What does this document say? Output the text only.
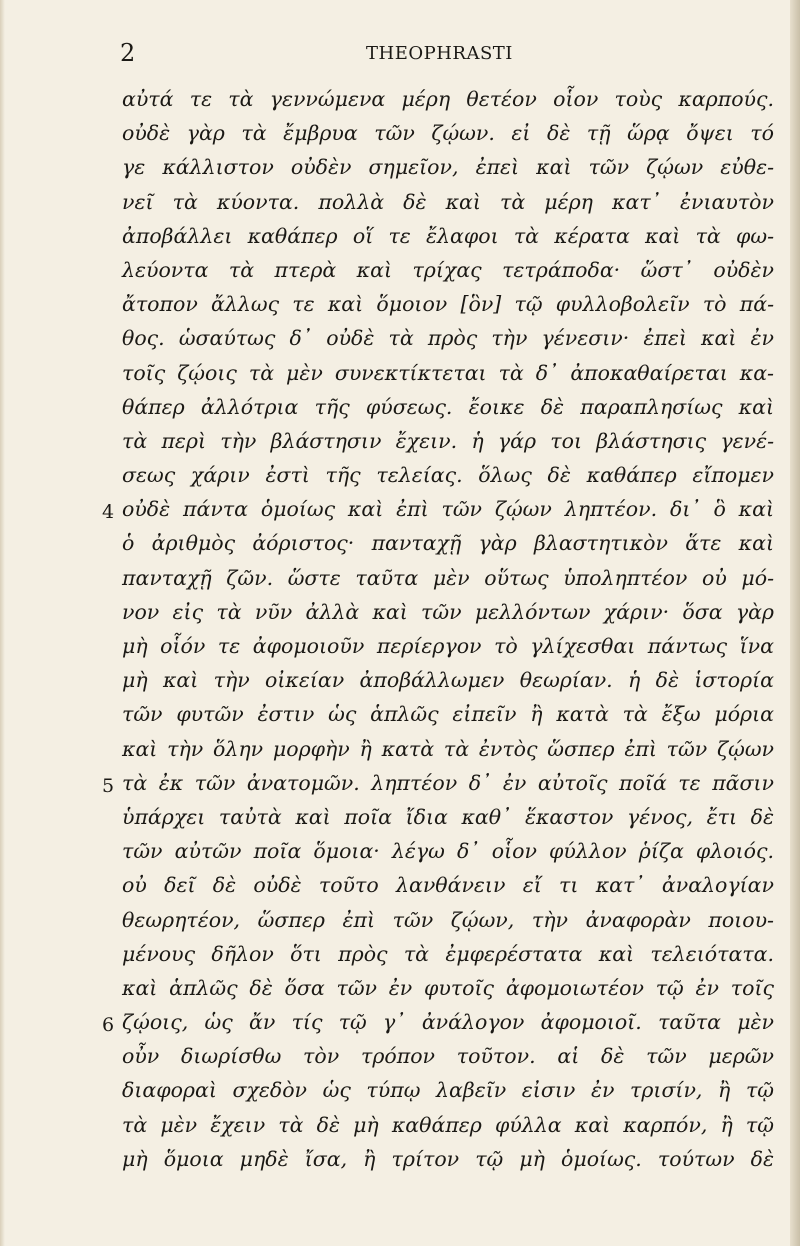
2	THEOPHRASTI
4
5
6
αὐτά τε τὰ γεννώμενα μέρη θετέον οἷον τοὺς καρπούς.
οὐδὲ γὰρ τὰ ἔμβρυα τῶν ζῴων. εἰ δὲ τῇ ὥρᾳ ὄψει τό
γε κάλλιστον οὐδὲν σημεῖον, ἐπεὶ καὶ τῶν ζῴων εὐθε-
νεῖ τὰ κύοντα. πολλὰ δὲ καὶ τὰ μέρη κατ᾽ ἐνιαυτὸν
ἀποβάλλει καθάπερ οἵ τε ἔλαφοι τὰ κέρατα καὶ τὰ φω-
λεύοντα τὰ πτερὰ καὶ τρίχας τετράποδα· ὥστ᾽ οὐδὲν
ἄτοπον ἄλλως τε καὶ ὅμοιον [ὃν] τῷ φυλλοβολεῖν τὸ πά-
θος. ὡσαύτως δ᾽ οὐδὲ τὰ πρὸς τὴν γένεσιν· ἐπεὶ καὶ ἐν
τοῖς ζῴοις τὰ μὲν συνεκτίκτεται τὰ δ᾽ ἀποκαθαίρεται κα-
θάπερ ἀλλότρια τῆς φύσεως. ἔοικε δὲ παραπλησίως καὶ
τὰ περὶ τὴν βλάστησιν ἔχειν. ἡ γάρ τοι βλάστησις γενέ-
σεως χάριν ἐστὶ τῆς τελείας. ὅλως δὲ καθάπερ εἴπομεν
οὐδὲ πάντα ὁμοίως καὶ ἐπὶ τῶν ζῴων ληπτέον. δι᾽ ὃ καὶ
ὁ ἀριθμὸς ἀόριστος· πανταχῇ γὰρ βλαστητικὸν ἅτε καὶ
πανταχῇ ζῶν. ὥστε ταῦτα μὲν οὕτως ὑποληπτέον οὐ μό-
νον εἰς τὰ νῦν ἀλλὰ καὶ τῶν μελλόντων χάριν· ὅσα γὰρ
μὴ οἷόν τε ἀφομοιοῦν περίεργον τὸ γλίχεσθαι πάντως ἵνα
μὴ καὶ τὴν οἰκείαν ἀποβάλλωμεν θεωρίαν. ἡ δὲ ἱστορία
τῶν φυτῶν ἐστιν ὡς ἁπλῶς εἰπεῖν ἢ κατὰ τὰ ἔξω μόρια
καὶ τὴν ὅλην μορφὴν ἢ κατὰ τὰ ἐντὸς ὥσπερ ἐπὶ τῶν ζῴων
τὰ ἐκ τῶν ἀνατομῶν. ληπτέον δ᾽ ἐν αὐτοῖς ποῖά τε πᾶσιν
ὑπάρχει ταὐτὰ καὶ ποῖα ἴδια καθ᾽ ἕκαστον γένος, ἔτι δὲ
τῶν αὐτῶν ποῖα ὅμοια· λέγω δ᾽ οἷον φύλλον ῥίζα φλοιός.
οὐ δεῖ δὲ οὐδὲ τοῦτο λανθάνειν εἴ τι κατ᾽ ἀναλογίαν
θεωρητέον, ὥσπερ ἐπὶ τῶν ζῴων, τὴν ἀναφορὰν ποιου-
μένους δῆλον ὅτι πρὸς τὰ ἐμφερέστατα καὶ τελειότατα.
καὶ ἁπλῶς δὲ ὅσα τῶν ἐν φυτοῖς ἀφομοιωτέον τῷ ἐν τοῖς
ζῴοις, ὡς ἄν τίς τῷ γ᾽ ἀνάλογον ἀφομοιοῖ. ταῦτα μὲν
οὖν διωρίσθω τὸν τρόπον τοῦτον. αἱ δὲ τῶν μερῶν
διαφοραὶ σχεδὸν ὡς τύπῳ λαβεῖν εἰσιν ἐν τρισίν, ἢ τῷ
τὰ μὲν ἔχειν τὰ δὲ μὴ καθάπερ φύλλα καὶ καρπόν, ἢ τῷ
μὴ ὅμοια μηδὲ ἴσα, ἢ τρίτον τῷ μὴ ὁμοίως. τούτων δὲ
